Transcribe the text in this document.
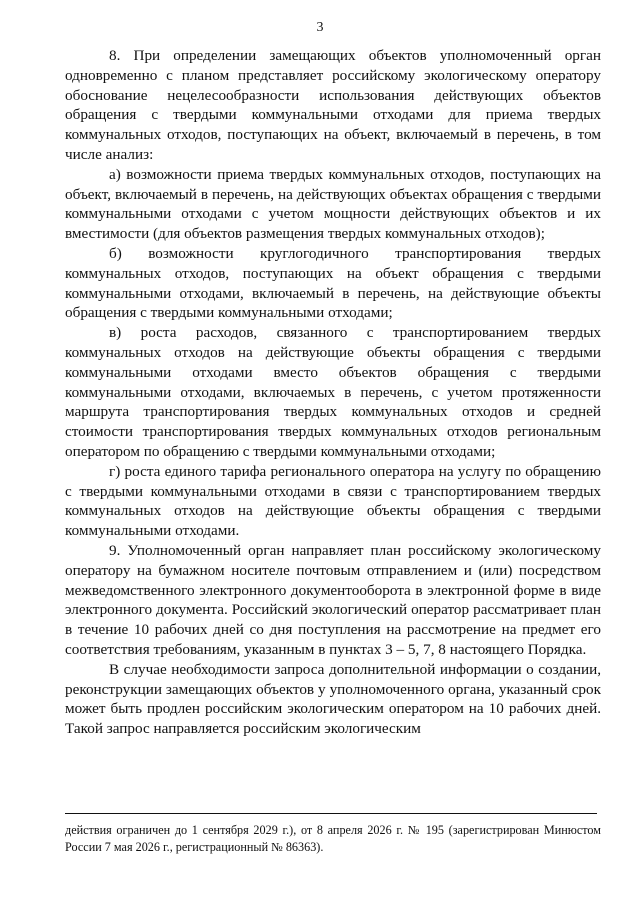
3

8. При определении замещающих объектов уполномоченный орган одновременно с планом представляет российскому экологическому оператору обоснование нецелесообразности использования действующих объектов обращения с твердыми коммунальными отходами для приема твердых коммунальных отходов, поступающих на объект, включаемый в перечень, в том числе анализ:

а) возможности приема твердых коммунальных отходов, поступающих на объект, включаемый в перечень, на действующих объектах обращения с твердыми коммунальными отходами с учетом мощности действующих объектов и их вместимости (для объектов размещения твердых коммунальных отходов);

б) возможности круглогодичного транспортирования твердых коммунальных отходов, поступающих на объект обращения с твердыми коммунальными отходами, включаемый в перечень, на действующие объекты обращения с твердыми коммунальными отходами;

в) роста расходов, связанного с транспортированием твердых коммунальных отходов на действующие объекты обращения с твердыми коммунальными отходами вместо объектов обращения с твердыми коммунальными отходами, включаемых в перечень, с учетом протяженности маршрута транспортирования твердых коммунальных отходов и средней стоимости транспортирования твердых коммунальных отходов региональным оператором по обращению с твердыми коммунальными отходами;

г) роста единого тарифа регионального оператора на услугу по обращению с твердыми коммунальными отходами в связи с транспортированием твердых коммунальных отходов на действующие объекты обращения с твердыми коммунальными отходами.

9. Уполномоченный орган направляет план российскому экологическому оператору на бумажном носителе почтовым отправлением и (или) посредством межведомственного электронного документооборота в электронной форме в виде электронного документа. Российский экологический оператор рассматривает план в течение 10 рабочих дней со дня поступления на рассмотрение на предмет его соответствия требованиям, указанным в пунктах 3 – 5, 7, 8 настоящего Порядка.

В случае необходимости запроса дополнительной информации о создании, реконструкции замещающих объектов у уполномоченного органа, указанный срок может быть продлен российским экологическим оператором на 10 рабочих дней. Такой запрос направляется российским экологическим

действия ограничен до 1 сентября 2029 г.), от 8 апреля 2026 г. № 195 (зарегистрирован Минюстом России 7 мая 2026 г., регистрационный № 86363).
